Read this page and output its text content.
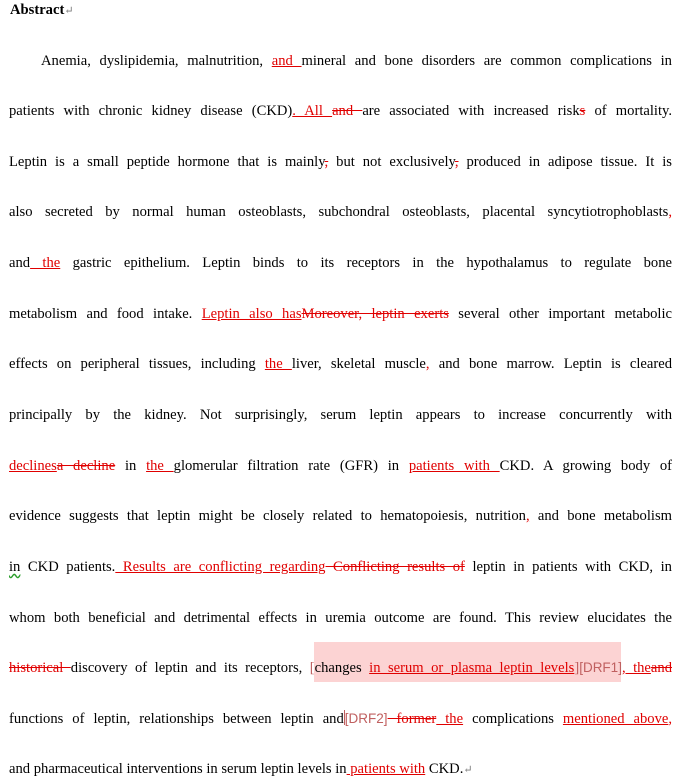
Abstract↵
Anemia, dyslipidemia, malnutrition, and mineral and bone disorders are common complications in
patients with chronic kidney disease (CKD). All and are associated with increased risks of mortality.
Leptin is a small peptide hormone that is mainly, but not exclusively, produced in adipose tissue. It is
also secreted by normal human osteoblasts, subchondral osteoblasts, placental syncytiotrophoblasts,
and the gastric epithelium. Leptin binds to its receptors in the hypothalamus to regulate bone
metabolism and food intake. Leptin also hasMoreover, leptin exerts several other important metabolic
effects on peripheral tissues, including the liver, skeletal muscle, and bone marrow. Leptin is cleared
principally by the kidney. Not surprisingly, serum leptin appears to increase concurrently with
declinesa decline in the glomerular filtration rate (GFR) in patients with CKD. A growing body of
evidence suggests that leptin might be closely related to hematopoiesis, nutrition, and bone metabolism
in CKD patients. Results are conflicting regarding Conflicting results of leptin in patients with CKD, in
whom both beneficial and detrimental effects in uremia outcome are found. This review elucidates the
historical discovery of leptin and its receptors, [changes in serum or plasma leptin levels][DRF1], theand
functions of leptin, relationships between leptin and[DRF2] former the complications mentioned above,
and pharmaceutical interventions in serum leptin levels in patients with CKD.↵
